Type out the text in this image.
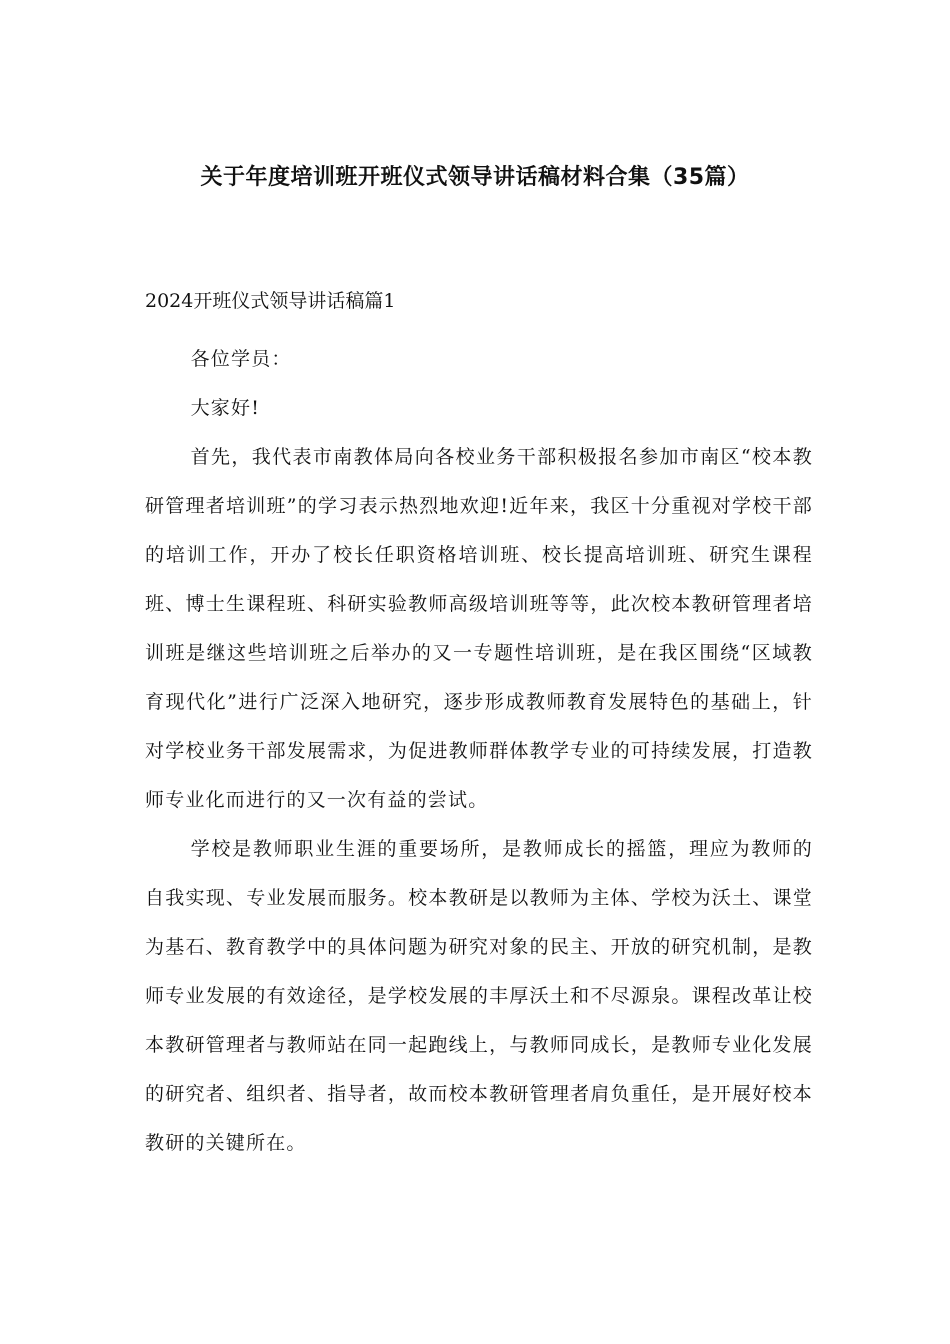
关于年度培训班开班仪式领导讲话稿材料合集（35篇）
2024开班仪式领导讲话稿篇1

各位学员：

大家好!

首先，我代表市南教体局向各校业务干部积极报名参加市南区“校本教研管理者培训班”的学习表示热烈地欢迎!近年来，我区十分重视对学校干部的培训工作，开办了校长任职资格培训班、校长提高培训班、研究生课程班、博士生课程班、科研实验教师高级培训班等等，此次校本教研管理者培训班是继这些培训班之后举办的又一专题性培训班，是在我区围绕“区域教育现代化”进行广泛深入地研究，逐步形成教师教育发展特色的基础上，针对学校业务干部发展需求，为促进教师群体教学专业的可持续发展，打造教师专业化而进行的又一次有益的尝试。

学校是教师职业生涯的重要场所，是教师成长的摇篮，理应为教师的自我实现、专业发展而服务。校本教研是以教师为主体、学校为沃土、课堂为基石、教育教学中的具体问题为研究对象的民主、开放的研究机制，是教师专业发展的有效途径，是学校发展的丰厚沃土和不尽源泉。课程改革让校本教研管理者与教师站在同一起跑线上，与教师同成长，是教师专业化发展的研究者、组织者、指导者，故而校本教研管理者肩负重任，是开展好校本教研的关键所在。
